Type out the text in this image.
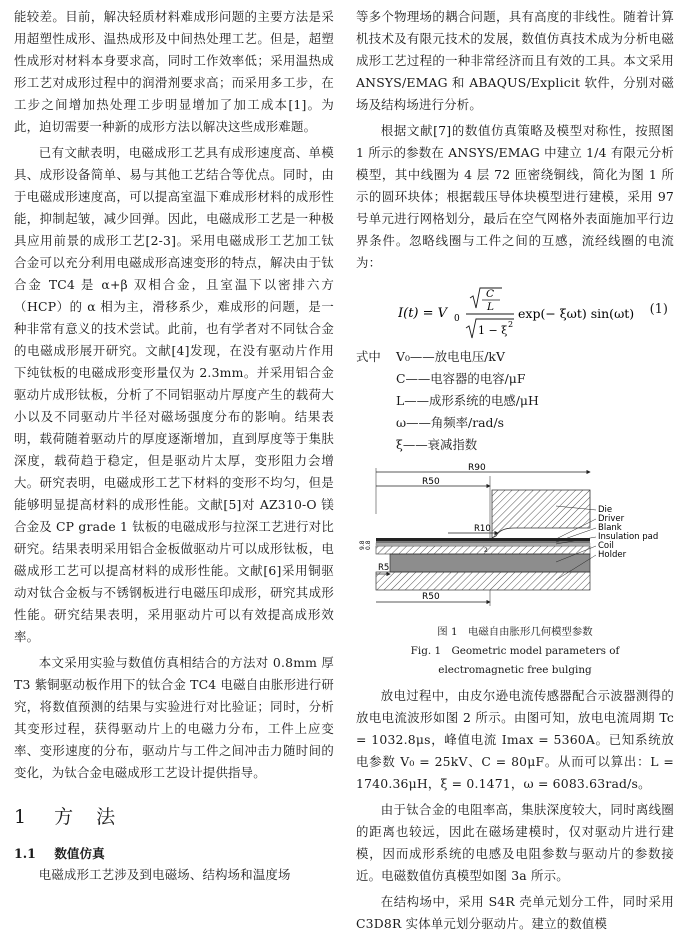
能较差。目前，解决轻质材料难成形问题的主要方法是采用超塑性成形、温热成形及中间热处理工艺。但是，超塑性成形对材料本身要求高，同时工作效率低；采用温热成形工艺对成形过程中的润滑剂要求高；而采用多工步，在工步之间增加热处理工步明显增加了加工成本[1]。为此，迫切需要一种新的成形方法以解决这些成形难题。

已有文献表明，电磁成形工艺具有成形速度高、单模具、成形设备简单、易与其他工艺结合等优点。同时，由于电磁成形速度高，可以提高室温下难成形材料的成形性能，抑制起皱，减少回弹。因此，电磁成形工艺是一种极具应用前景的成形工艺[2-3]。采用电磁成形工艺加工钛合金可以充分利用电磁成形高速变形的特点，解决由于钛合金 TC4 是 α+β 双相合金，且室温下以密排六方（HCP）的 α 相为主，滑移系少，难成形的问题，是一种非常有意义的技术尝试。此前，也有学者对不同钛合金的电磁成形展开研究。文献[4]发现，在没有驱动片作用下纯钛板的电磁成形变形量仅为 2.3mm。并采用铝合金驱动片成形钛板，分析了不同铝驱动片厚度产生的载荷大小以及不同驱动片半径对磁场强度分布的影响。结果表明，载荷随着驱动片的厚度逐渐增加，直到厚度等于集肤深度，载荷趋于稳定，但是驱动片太厚，变形阻力会增大。研究表明，电磁成形工艺下材料的变形不均匀，但是能够明显提高材料的成形性能。文献[5]对 AZ310-O 镁合金及 CP grade 1 钛板的电磁成形与拉深工艺进行对比研究。结果表明采用铝合金板做驱动片可以成形钛板，电磁成形工艺可以提高材料的成形性能。文献[6]采用铜驱动对钛合金板与不锈钢板进行电磁压印成形，研究其成形性能。研究结果表明，采用驱动片可以有效提高成形效率。

本文采用实验与数值仿真相结合的方法对 0.8mm 厚 T3 紫铜驱动板作用下的钛合金 TC4 电磁自由胀形进行研究，将数值预测的结果与实验进行对比验证；同时，分析其变形过程，获得驱动片上的电磁力分布，工件上应变率、变形速度的分布，驱动片与工件之间冲击力随时间的变化，为钛合金电磁成形工艺设计提供指导。

1 方　法
1.1 数值仿真

电磁成形工艺涉及到电磁场、结构场和温度场

等多个物理场的耦合问题，具有高度的非线性。随着计算机技术及有限元技术的发展，数值仿真技术成为分析电磁成形工艺过程的一种非常经济而且有效的工具。本文采用 ANSYS/EMAG 和 ABAQUS/Explicit 软件，分别对磁场及结构场进行分析。

根据文献[7]的数值仿真策略及模型对称性，按照图 1 所示的参数在 ANSYS/EMAG 中建立 1/4 有限元分析模型，其中线圈为 4 层 72 匝密绕铜线，简化为图 1 所示的圆环块体；根据载压导体块模型进行建模，采用 97 号单元进行网格划分，最后在空气网格外表面施加平行边界条件。忽略线圈与工件之间的互感，流经线圈的电流为：

I(t) = V 0
C
L
1 − ξ 2
exp(− ξωt) sin(ωt) (1)
式中	V₀——放电电压/kV
C——电容器的电容/μF
L——成形系统的电感/μH
ω——角频率/rad/s
ξ——衰减指数
R90
R50
R10
9.8 0.8
R5
R50
Die
Driver
Blank
Insulation pad
Coil
Holder
图 1　电磁自由胀形几何模型参数
Fig. 1　Geometric model parameters of
electromagnetic free bulging

放电过程中，由皮尔逊电流传感器配合示波器测得的放电电流波形如图 2 所示。由图可知，放电电流周期 Tc = 1032.8μs，峰值电流 Imax = 5360A。已知系统放电参数 V₀ = 25kV、C = 80μF。从而可以算出：L = 1740.36μH，ξ = 0.1471，ω = 6083.63rad/s。

由于钛合金的电阻率高，集肤深度较大，同时离线圈的距离也较远，因此在磁场建模时，仅对驱动片进行建模，因而成形系统的电感及电阻参数与驱动片的参数接近。电磁数值仿真模型如图 3a 所示。

在结构场中，采用 S4R 壳单元划分工件，同时采用 C3D8R 实体单元划分驱动片。建立的数值模
